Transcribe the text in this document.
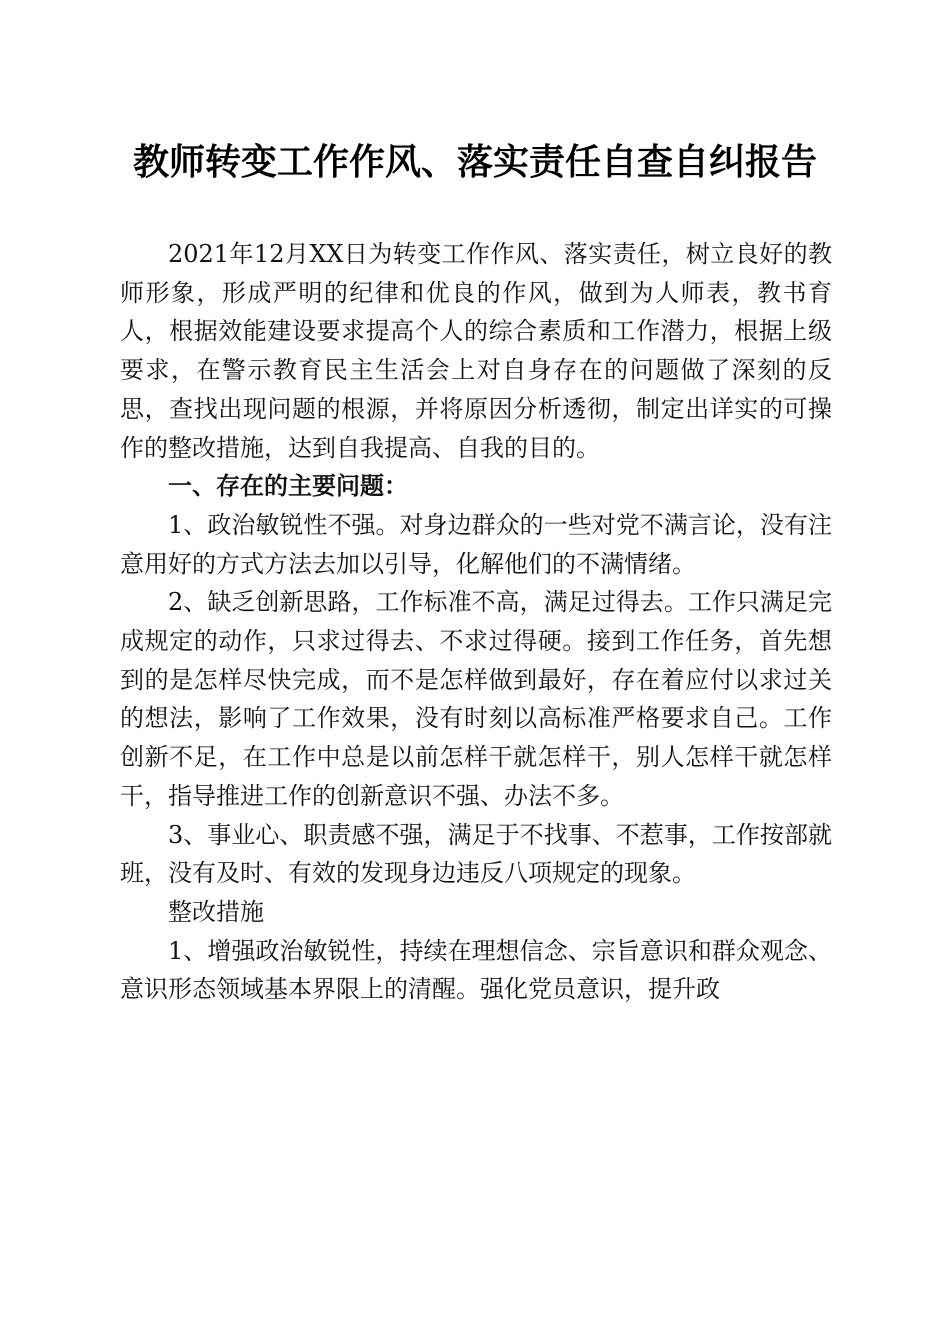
教师转变工作作风、落实责任自查自纠报告

2021年12月XX日为转变工作作风、落实责任，树立良好的教师形象，形成严明的纪律和优良的作风，做到为人师表，教书育人，根据效能建设要求提高个人的综合素质和工作潜力，根据上级要求，在警示教育民主生活会上对自身存在的问题做了深刻的反思，查找出现问题的根源，并将原因分析透彻，制定出详实的可操作的整改措施，达到自我提高、自我的目的。

一、存在的主要问题：

1、政治敏锐性不强。对身边群众的一些对党不满言论，没有注意用好的方式方法去加以引导，化解他们的不满情绪。

2、缺乏创新思路，工作标准不高，满足过得去。工作只满足完成规定的动作，只求过得去、不求过得硬。接到工作任务，首先想到的是怎样尽快完成，而不是怎样做到最好，存在着应付以求过关的想法，影响了工作效果，没有时刻以高标准严格要求自己。工作创新不足，在工作中总是以前怎样干就怎样干，别人怎样干就怎样干，指导推进工作的创新意识不强、办法不多。

3、事业心、职责感不强，满足于不找事、不惹事，工作按部就班，没有及时、有效的发现身边违反八项规定的现象。

整改措施

1、增强政治敏锐性，持续在理想信念、宗旨意识和群众观念、意识形态领域基本界限上的清醒。强化党员意识，提升政
